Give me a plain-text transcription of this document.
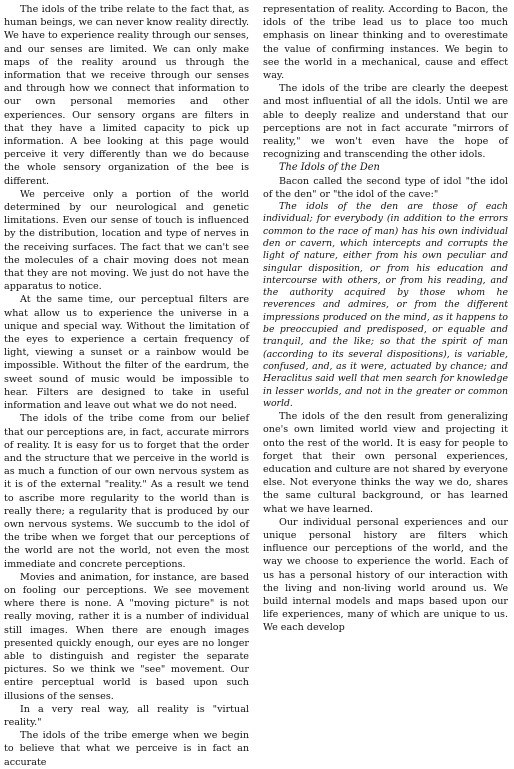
The idols of the tribe relate to the fact that, as human beings, we can never know reality directly. We have to experience reality through our senses, and our senses are limited. We can only make maps of the reality around us through the information that we receive through our senses and through how we connect that information to our own personal memories and other experiences. Our sensory organs are filters in that they have a limited capacity to pick up information. A bee looking at this page would perceive it very differently than we do because the whole sensory organization of the bee is different.

We perceive only a portion of the world determined by our neurological and genetic limitations. Even our sense of touch is influenced by the distribution, location and type of nerves in the receiving surfaces. The fact that we can't see the molecules of a chair moving does not mean that they are not moving. We just do not have the apparatus to notice.

At the same time, our perceptual filters are what allow us to experience the universe in a unique and special way. Without the limitation of the eyes to experience a certain frequency of light, viewing a sunset or a rainbow would be impossible. Without the filter of the eardrum, the sweet sound of music would be impossible to hear. Filters are designed to take in useful information and leave out what we do not need.

The idols of the tribe come from our belief that our perceptions are, in fact, accurate mirrors of reality. It is easy for us to forget that the order and the structure that we perceive in the world is as much a function of our own nervous system as it is of the external "reality." As a result we tend to ascribe more regularity to the world than is really there; a regularity that is produced by our own nervous systems. We succumb to the idol of the tribe when we forget that our perceptions of the world are not the world, not even the most immediate and concrete perceptions.

Movies and animation, for instance, are based on fooling our perceptions. We see movement where there is none. A "moving picture" is not really moving, rather it is a number of individual still images. When there are enough images presented quickly enough, our eyes are no longer able to distinguish and register the separate pictures. So we think we "see" movement. Our entire perceptual world is based upon such illusions of the senses.

In a very real way, all reality is "virtual reality."

The idols of the tribe emerge when we begin to believe that what we perceive is in fact an accurate

representation of reality. According to Bacon, the idols of the tribe lead us to place too much emphasis on linear thinking and to overestimate the value of confirming instances. We begin to see the world in a mechanical, cause and effect way.

The idols of the tribe are clearly the deepest and most influential of all the idols. Until we are able to deeply realize and understand that our perceptions are not in fact accurate "mirrors of reality," we won't even have the hope of recognizing and transcending the other idols.

The Idols of the Den

Bacon called the second type of idol "the idol of the den" or "the idol of the cave:"

The idols of the den are those of each individual; for everybody (in addition to the errors common to the race of man) has his own individual den or cavern, which intercepts and corrupts the light of nature, either from his own peculiar and singular disposition, or from his education and intercourse with others, or from his reading, and the authority acquired by those whom he reverences and admires, or from the different impressions produced on the mind, as it happens to be preoccupied and predisposed, or equable and tranquil, and the like; so that the spirit of man (according to its several dispositions), is variable, confused, and, as it were, actuated by chance; and Heraclitus said well that men search for knowledge in lesser worlds, and not in the greater or common world.

The idols of the den result from generalizing one's own limited world view and projecting it onto the rest of the world. It is easy for people to forget that their own personal experiences, education and culture are not shared by everyone else. Not everyone thinks the way we do, shares the same cultural background, or has learned what we have learned.

Our individual personal experiences and our unique personal history are filters which influence our perceptions of the world, and the way we choose to experience the world. Each of us has a personal history of our interaction with the living and non-living world around us. We build internal models and maps based upon our life experiences, many of which are unique to us. We each develop
